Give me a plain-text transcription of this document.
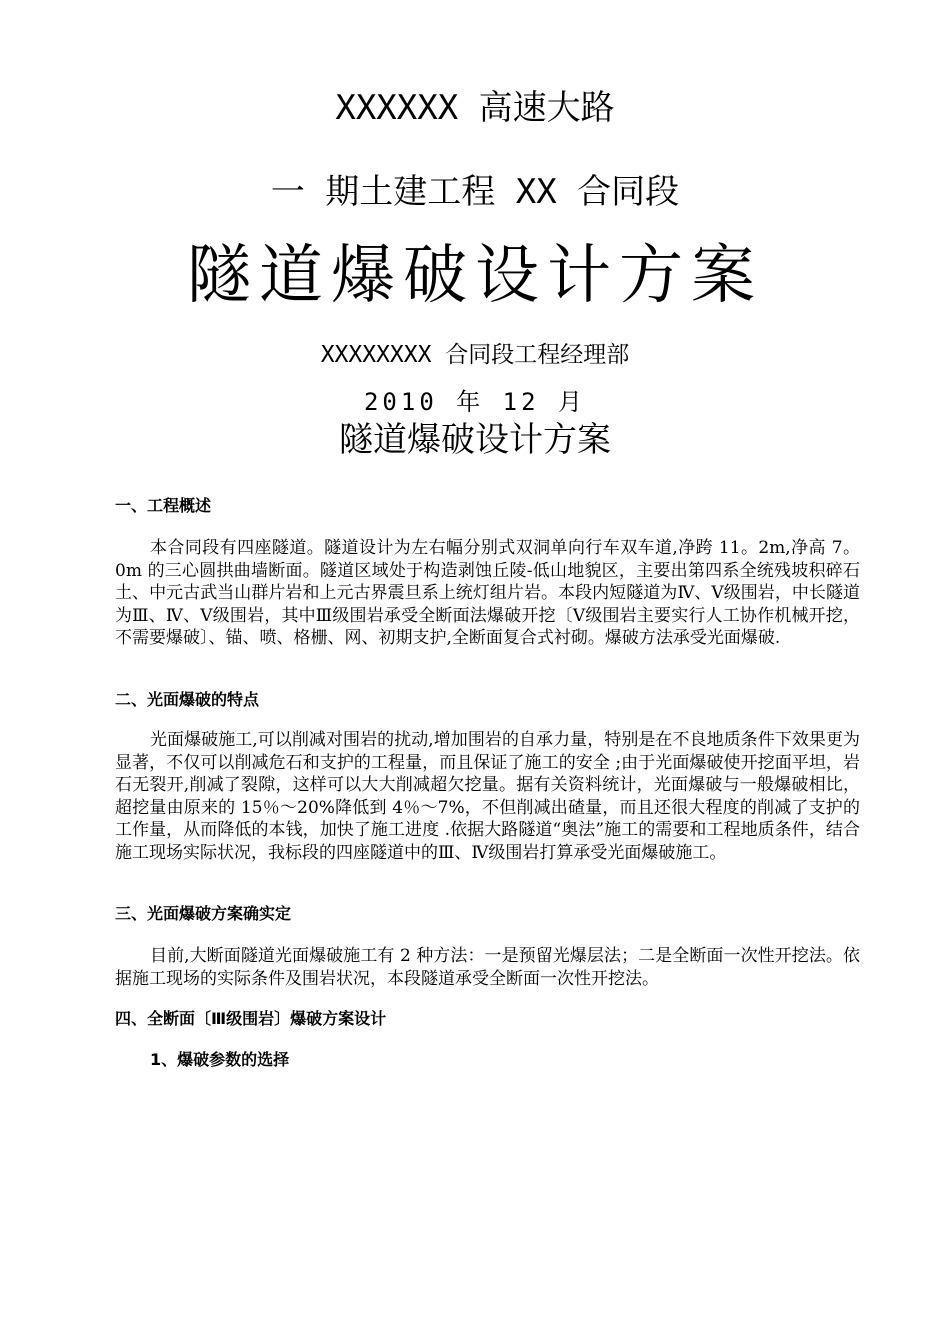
XXXXXX 高速大路
一 期土建工程 XX 合同段
隧道爆破设计方案
XXXXXXXX 合同段工程经理部
2010 年 12 月
隧道爆破设计方案
一、工程概述

本合同段有四座隧道。隧道设计为左右幅分别式双洞单向行车双车道,净跨 11。2m,净高 7。0m 的三心圆拱曲墙断面。隧道区域处于构造剥蚀丘陵-低山地貌区，主要出第四系全统残坡积碎石土、中元古武当山群片岩和上元古界震旦系上统灯组片岩。本段内短隧道为Ⅳ、Ⅴ级围岩，中长隧道为Ⅲ、Ⅳ、Ⅴ级围岩，其中Ⅲ级围岩承受全断面法爆破开挖〔Ⅴ级围岩主要实行人工协作机械开挖，不需要爆破〕、锚、喷、格栅、网、初期支护,全断面复合式衬砌。爆破方法承受光面爆破.

二、光面爆破的特点

光面爆破施工,可以削减对围岩的扰动,增加围岩的自承力量，特别是在不良地质条件下效果更为显著，不仅可以削减危石和支护的工程量，而且保证了施工的安全 ;由于光面爆破使开挖面平坦，岩石无裂开,削减了裂隙，这样可以大大削减超欠挖量。据有关资料统计，光面爆破与一般爆破相比，超挖量由原来的 15％～20%降低到 4％～7%，不但削减出碴量，而且还很大程度的削减了支护的工作量，从而降低的本钱，加快了施工进度 .依据大路隧道“奥法”施工的需要和工程地质条件，结合施工现场实际状况，我标段的四座隧道中的Ⅲ、Ⅳ级围岩打算承受光面爆破施工。

三、光面爆破方案确实定

目前,大断面隧道光面爆破施工有 2 种方法：一是预留光爆层法；二是全断面一次性开挖法。依据施工现场的实际条件及围岩状况，本段隧道承受全断面一次性开挖法。

四、全断面〔Ⅲ级围岩〕爆破方案设计
1、爆破参数的选择
